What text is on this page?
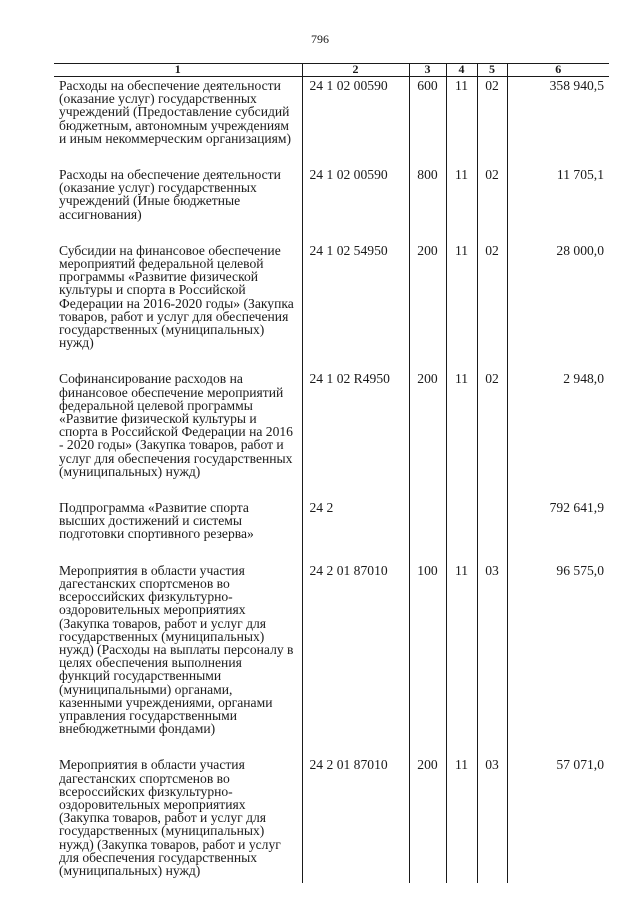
796
1	2	3	4	5	6
Расходы на обеспечение деятельности (оказание услуг) государственных учреждений (Предоставление субсидий бюджетным, автономным учреждениям и иным некоммерческим организациям)	24 1 02 00590	600	11	02	358 940,5
Расходы на обеспечение деятельности (оказание услуг) государственных учреждений (Иные бюджетные ассигнования)	24 1 02 00590	800	11	02	11 705,1
Субсидии на финансовое обеспечение мероприятий федеральной целевой программы «Развитие физической культуры и спорта в Российской Федерации на 2016-2020 годы» (Закупка товаров, работ и услуг для обеспечения государственных (муниципальных) нужд)	24 1 02 54950	200	11	02	28 000,0
Софинансирование расходов на финансовое обеспечение мероприятий федеральной целевой программы «Развитие физической культуры и спорта в Российской Федерации на 2016 - 2020 годы» (Закупка товаров, работ и услуг для обеспечения государственных (муниципальных) нужд)	24 1 02 R4950	200	11	02	2 948,0
Подпрограмма «Развитие спорта высших достижений и системы подготовки спортивного резерва»	24 2				792 641,9
Мероприятия в области участия дагестанских спортсменов во всероссийских физкультурно-оздоровительных мероприятиях (Закупка товаров, работ и услуг для государственных (муниципальных) нужд) (Расходы на выплаты персоналу в целях обеспечения выполнения функций государственными (муниципальными) органами, казенными учреждениями, органами управления государственными внебюджетными фондами)	24 2 01 87010	100	11	03	96 575,0
Мероприятия в области участия дагестанских спортсменов во всероссийских физкультурно-оздоровительных мероприятиях (Закупка товаров, работ и услуг для государственных (муниципальных) нужд) (Закупка товаров, работ и услуг для обеспечения государственных (муниципальных) нужд)	24 2 01 87010	200	11	03	57 071,0
